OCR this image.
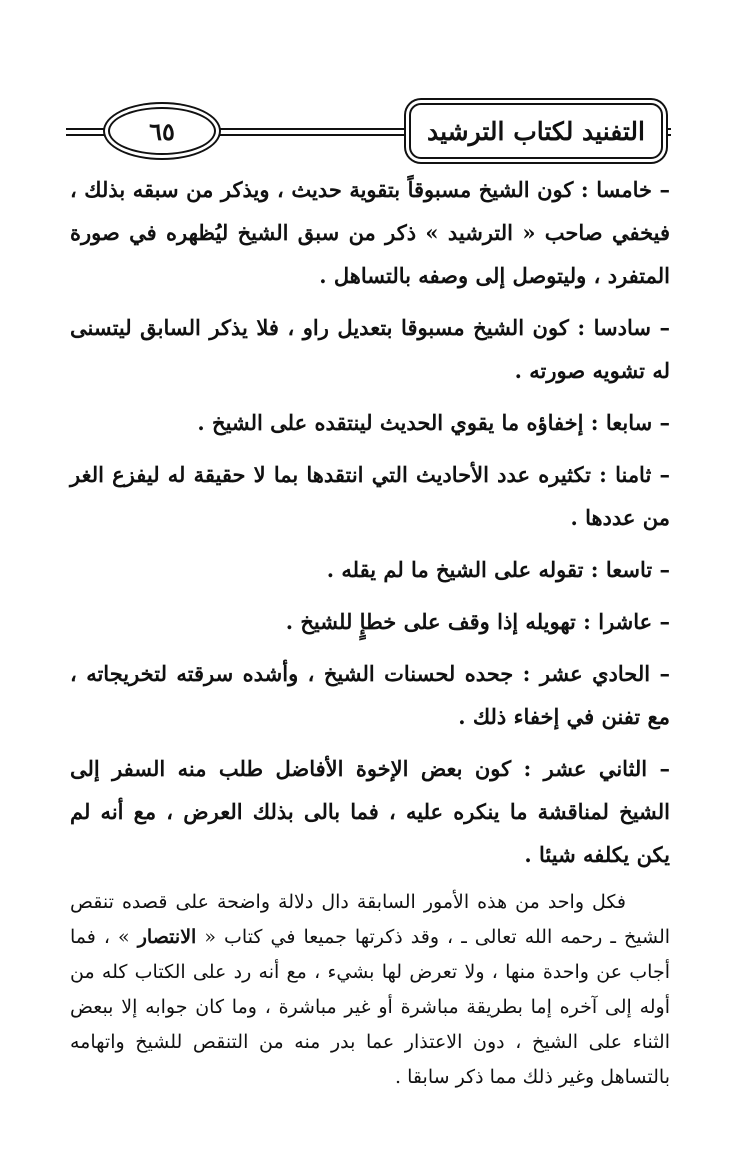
التفنيد لكتاب الترشيد
٦٥

– خامسا : كون الشيخ مسبوقاً بتقوية حديث ، ويذكر من سبقه بذلك ، فيخفي صاحب « الترشيد » ذكر من سبق الشيخ ليُظهره في صورة المتفرد ، وليتوصل إلى وصفه بالتساهل .

– سادسا : كون الشيخ مسبوقا بتعديل راو ، فلا يذكر السابق ليتسنى له تشويه صورته .

– سابعا : إخفاؤه ما يقوي الحديث لينتقده على الشيخ .

– ثامنا : تكثيره عدد الأحاديث التي انتقدها بما لا حقيقة له ليفزع الغر من عددها .

– تاسعا : تقوله على الشيخ ما لم يقله .

– عاشرا : تهويله إذا وقف على خطإٍ للشيخ .

– الحادي عشر : جحده لحسنات الشيخ ، وأشده سرقته لتخريجاته ، مع تفنن في إخفاء ذلك .

– الثاني عشر : كون بعض الإخوة الأفاضل طلب منه السفر إلى الشيخ لمناقشة ما ينكره عليه ، فما بالى بذلك العرض ، مع أنه لم يكن يكلفه شيئا .

فكل واحد من هذه الأمور السابقة دال دلالة واضحة على قصده تنقص الشيخ ـ رحمه الله تعالى ـ ، وقد ذكرتها جميعا في كتاب « الانتصار » ، فما أجاب عن واحدة منها ، ولا تعرض لها بشيء ، مع أنه رد على الكتاب كله من أوله إلى آخره إما بطريقة مباشرة أو غير مباشرة ، وما كان جوابه إلا ببعض الثناء على الشيخ ، دون الاعتذار عما بدر منه من التنقص للشيخ واتهامه بالتساهل وغير ذلك مما ذكر سابقا .
